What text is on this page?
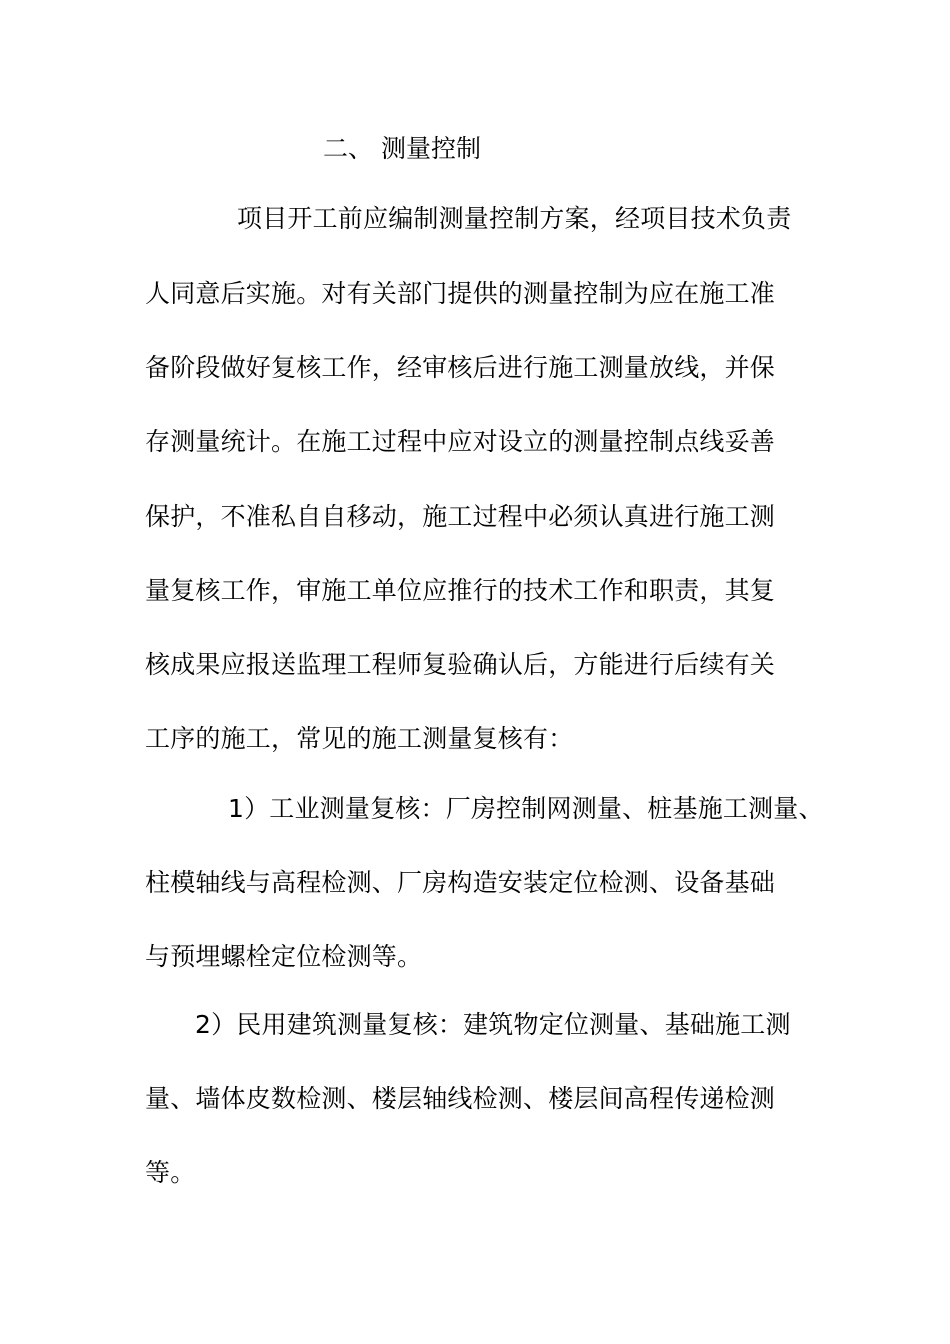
二、 测量控制
项目开工前应编制测量控制方案，经项目技术负责
人同意后实施。对有关部门提供的测量控制为应在施工准
备阶段做好复核工作，经审核后进行施工测量放线，并保
存测量统计。在施工过程中应对设立的测量控制点线妥善
保护，不准私自自移动，施工过程中必须认真进行施工测
量复核工作，审施工单位应推行的技术工作和职责，其复
核成果应报送监理工程师复验确认后，方能进行后续有关
工序的施工，常见的施工测量复核有：
1）工业测量复核：厂房控制网测量、桩基施工测量、
柱模轴线与高程检测、厂房构造安装定位检测、设备基础
与预埋螺栓定位检测等。
2）民用建筑测量复核：建筑物定位测量、基础施工测
量、墙体皮数检测、楼层轴线检测、楼层间高程传递检测
等。
